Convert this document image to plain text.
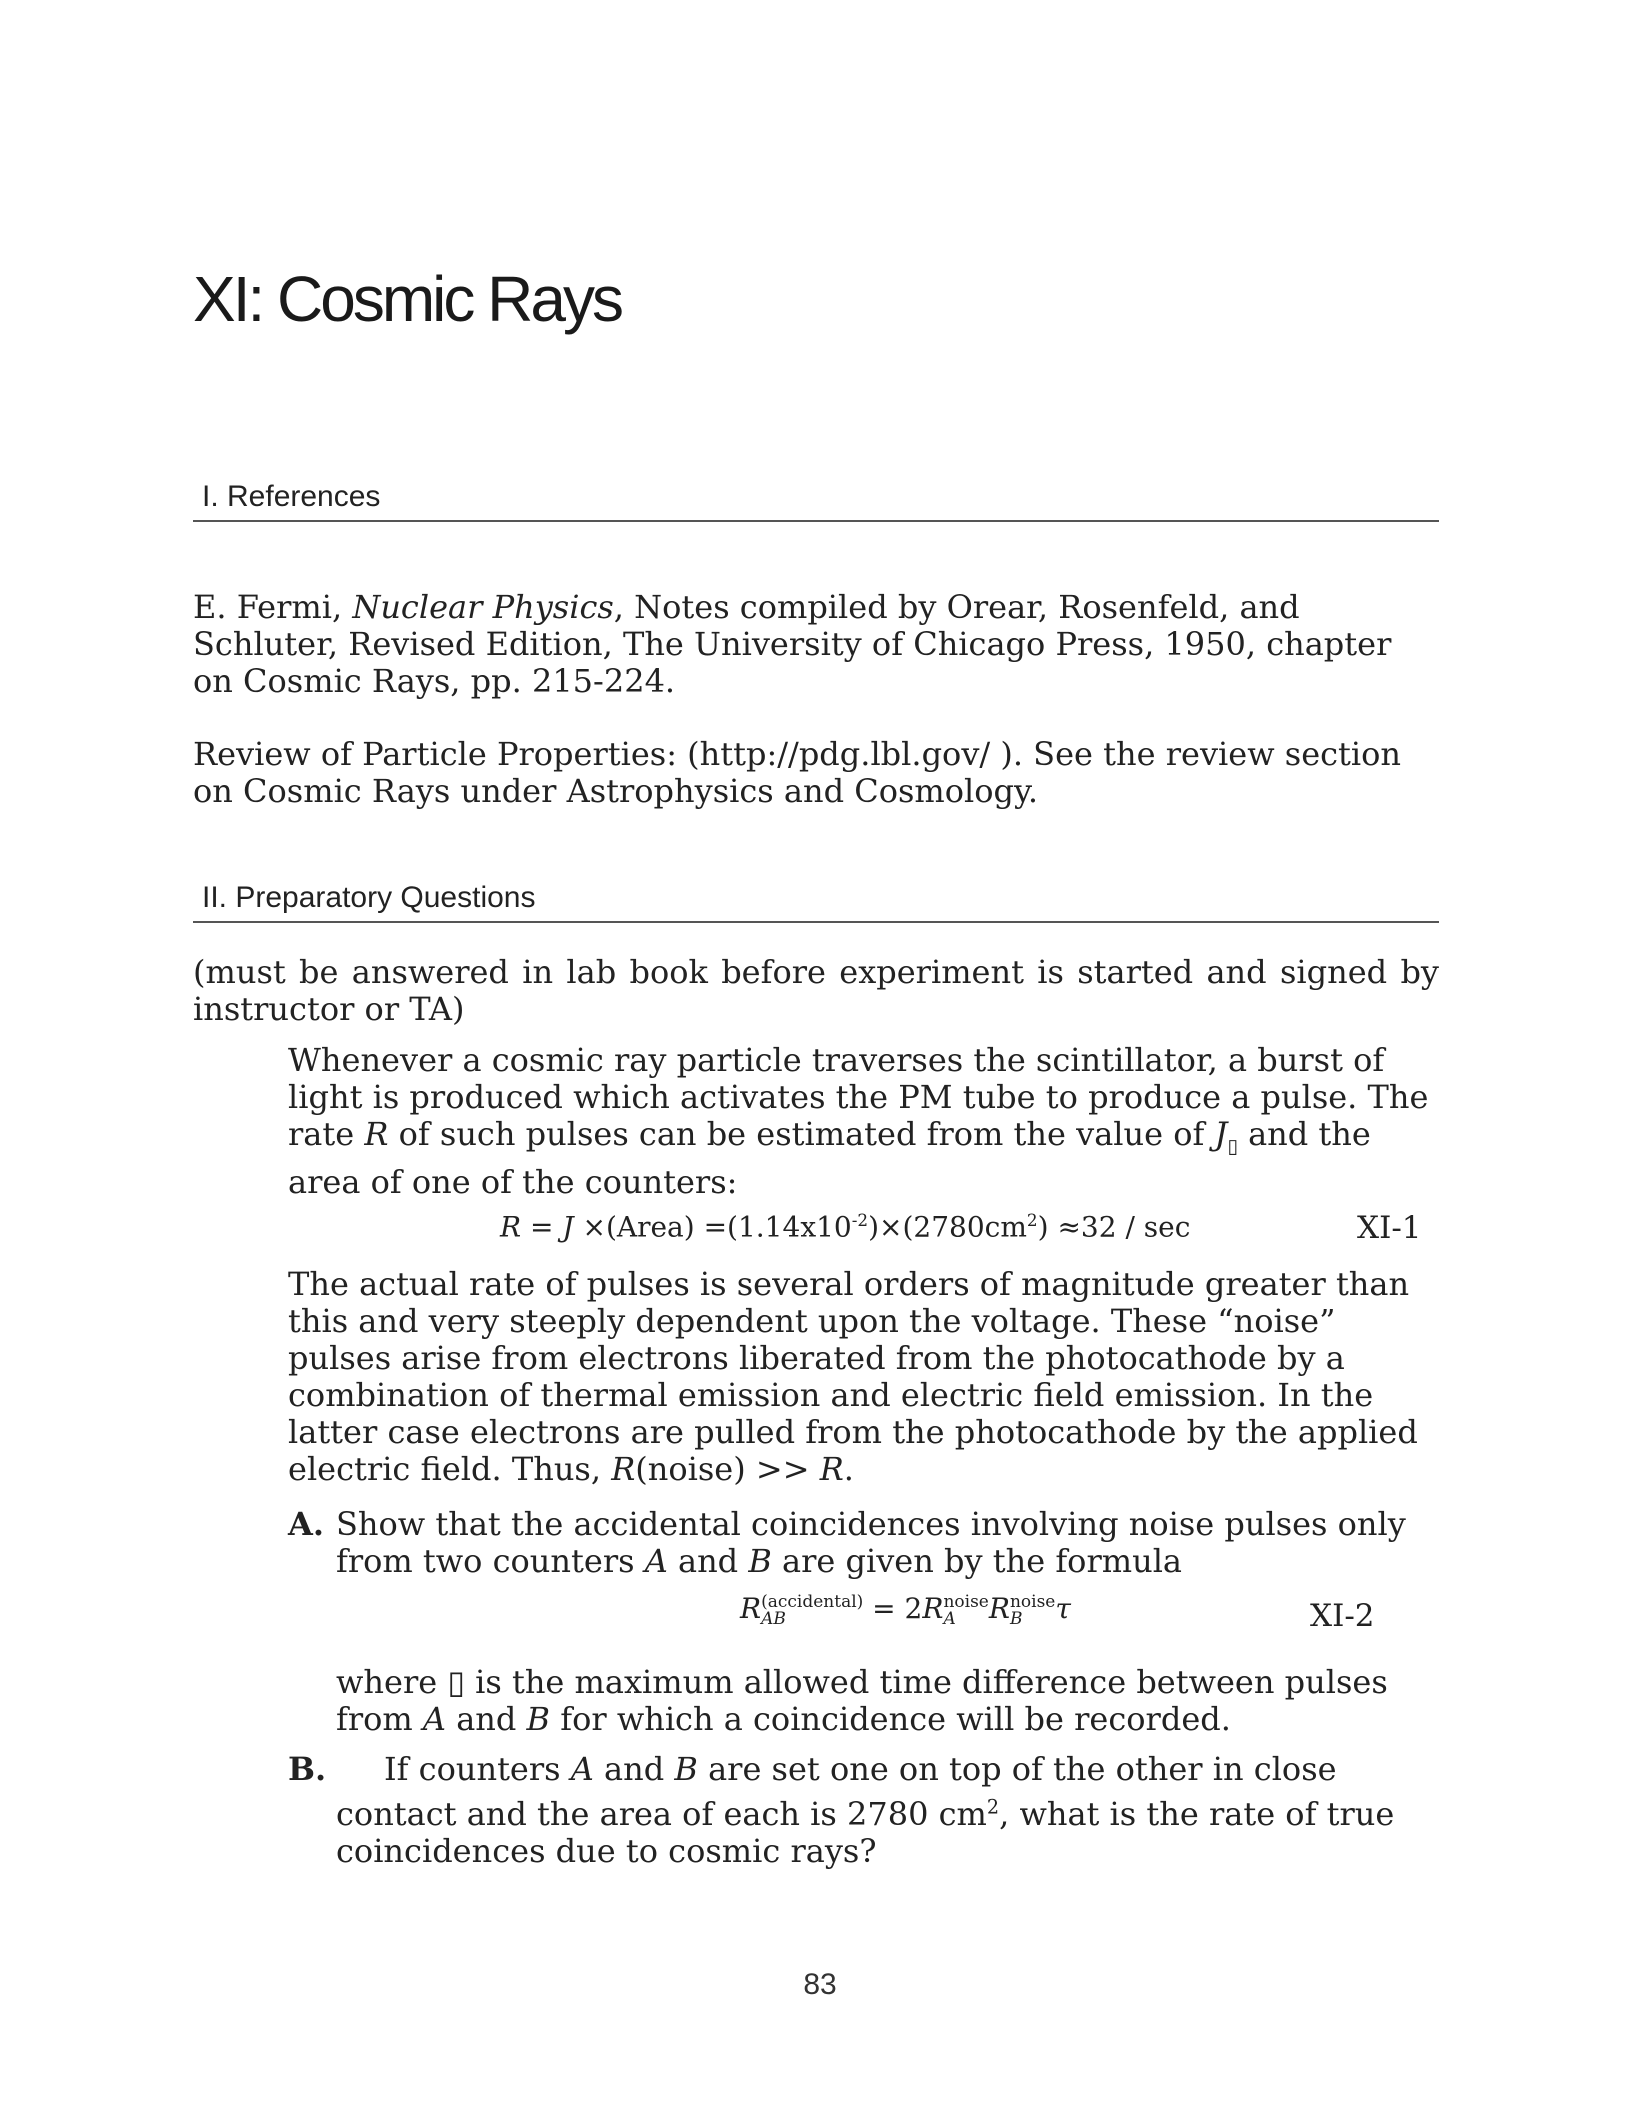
XI: Cosmic Rays
I. References

E. Fermi, Nuclear Physics, Notes compiled by Orear, Rosenfeld, and
Schluter, Revised Edition, The University of Chicago Press, 1950, chapter
on Cosmic Rays, pp. 215-224.

Review of Particle Properties: (http://pdg.lbl.gov/ ). See the review section
on Cosmic Rays under Astrophysics and Cosmology.

II. Preparatory Questions

(must be answered in lab book before experiment is started and signed by
instructor or TA)

Whenever a cosmic ray particle traverses the scintillator, a burst of light is produced which activates the PM tube to produce a pulse. The rate R of such pulses can be estimated from the value of $J_▯$ and the area of one of the counters:

R = J ×(Area) $=(1.14x10^{-2})\times(2780cm^2) \approx 32 / \sec$	XI-1

The actual rate of pulses is several orders of magnitude greater than this and very steeply dependent upon the voltage. These “noise” pulses arise from electrons liberated from the photocathode by a combination of thermal emission and electric field emission. In the latter case electrons are pulled from the photocathode by the applied electric field. Thus, R(noise) >> R.

A. Show that the accidental coincidences involving noise pulses only from two counters A and B are given by the formula
R (accidental)
AB	= 2R noise
A	R noise
B	τ	XI-2
where ▯ is the maximum allowed time difference between pulses from A and B for which a coincidence will be recorded.
B.	If counters A and B are set one on top of the other in close contact and the area of each is 2780 $cm^2$, what is the rate of true coincidences due to cosmic rays?
83
